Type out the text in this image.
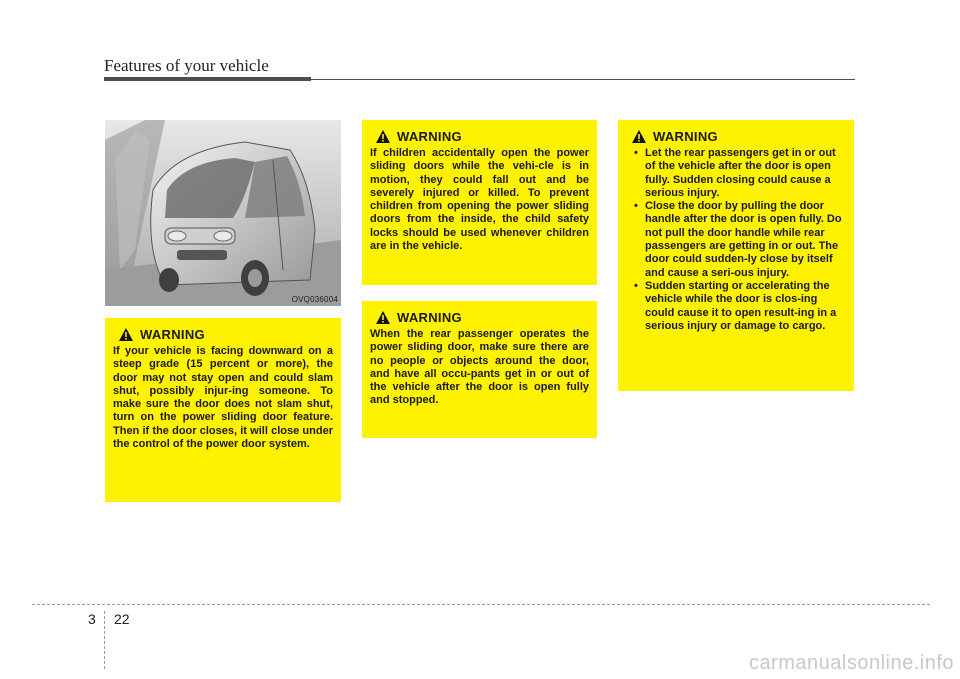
Features of your vehicle
OVQ036004
WARNING
If your vehicle is facing downward on a steep grade (15 percent or more), the door may not stay open and could slam shut, possibly injur-ing someone. To make sure the door does not slam shut, turn on the power sliding door feature. Then if the door closes, it will close under the control of the power door system.
WARNING
If children accidentally open the power sliding doors while the vehi-cle is in motion, they could fall out and be severely injured or killed. To prevent children from opening the power sliding doors from the inside, the child safety locks should be used whenever children are in the vehicle.
WARNING
When the rear passenger operates the power sliding door, make sure there are no people or objects around the door, and have all occu-pants get in or out of the vehicle after the door is open fully and stopped.
WARNING
• Let the rear passengers get in or out of the vehicle after the door is open fully. Sudden closing could cause a serious injury.
• Close the door by pulling the door handle after the door is open fully. Do not pull the door handle while rear passengers are getting in or out. The door could sudden-ly close by itself and cause a seri-ous injury.
• Sudden starting or accelerating the vehicle while the door is clos-ing could cause it to open result-ing in a serious injury or damage to cargo.
3 22
carmanualsonline.info
